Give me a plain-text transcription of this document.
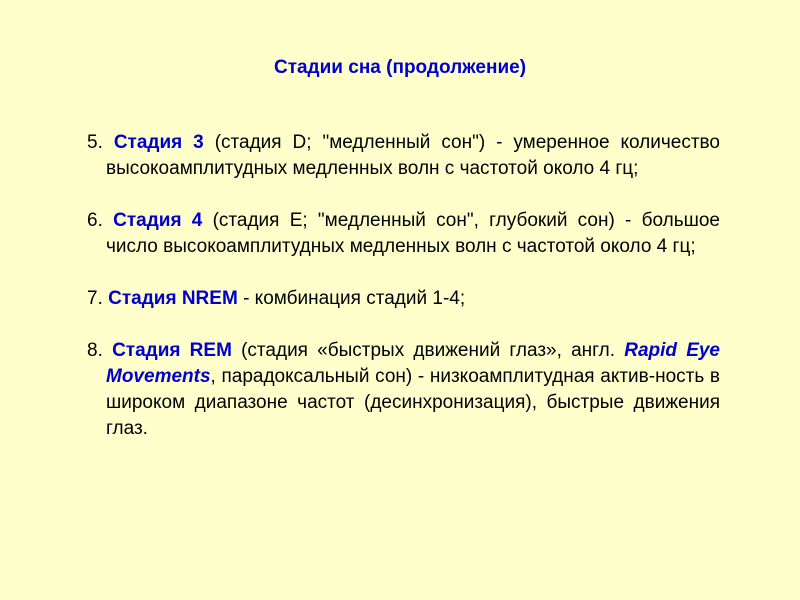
Стадии сна (продолжение)

5. Стадия 3 (стадия D; "медленный сон") - умеренное количество высокоамплитудных медленных волн с частотой около 4 гц;

6. Стадия 4 (стадия E; "медленный сон", глубокий сон) - большое число высокоамплитудных медленных волн с частотой около 4 гц;

7. Стадия NREM - комбинация стадий 1-4;

8. Стадия REM (стадия «быстрых движений глаз», англ. Rapid Eye Movements, парадоксальный сон) - низкоамплитудная актив-ность в широком диапазоне частот (десинхронизация), быстрые движения глаз.
